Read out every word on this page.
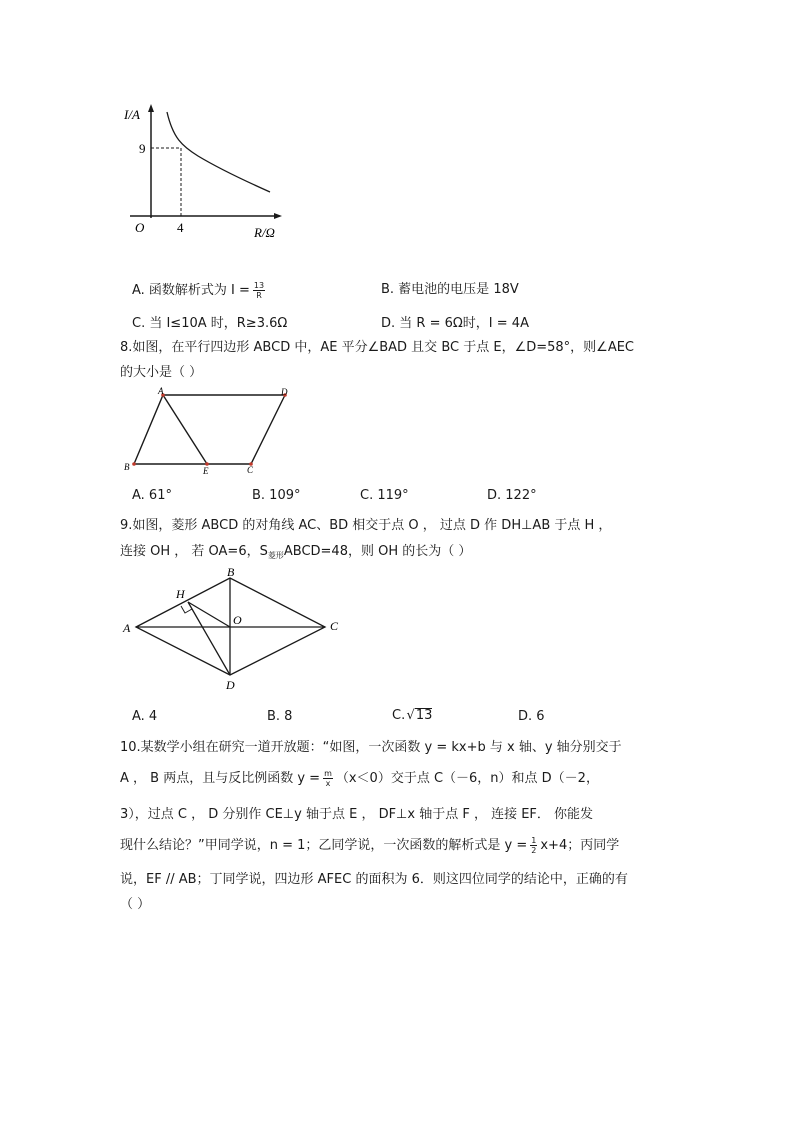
I/A
9
O	4	R/Ω
A. 函数解析式为 $I = \frac{13}{R}$	B. 蓄电池的电压是 18V
C. 当 I≤10A 时，R≥3.6Ω	D. 当 R = 6Ω时，I = 4A
8.如图，在平行四边形 ABCD 中，AE 平分∠BAD 且交 BC 于点 E，∠D=58°，则∠AEC
的大小是（ ）
A	D
B	E	C
A. 61°	B. 109°	C. 119°	D. 122°
9.如图，菱形 ABCD 的对角线 AC、BD 相交于点 O ， 过点 D 作 DH⊥AB 于点 H ，
连接 OH ， 若 OA=6，$S_{菱形}ABCD=48$，则 OH 的长为（ ）
A
B
C
D
H
O
A. 4	B. 8	C. √13	D. 6
10.某数学小组在研究一道开放题：“如图，一次函数 y = kx+b 与 x 轴、y 轴分别交于
A ， B 两点，且与反比例函数 $y = \frac{m}{x} (x<0)$交于点 C（－6，n）和点 D（－2，
3），过点 C ， D 分别作 CE⊥y 轴于点 E ， DF⊥x 轴于点 F ， 连接 EF． 你能发
现什么结论？”甲同学说，n = 1；乙同学说，一次函数的解析式是 $y = \frac{1}{2} x+4$；丙同学
说，EF // AB；丁同学说，四边形 AFEC 的面积为 6．则这四位同学的结论中，正确的有
（ ）
